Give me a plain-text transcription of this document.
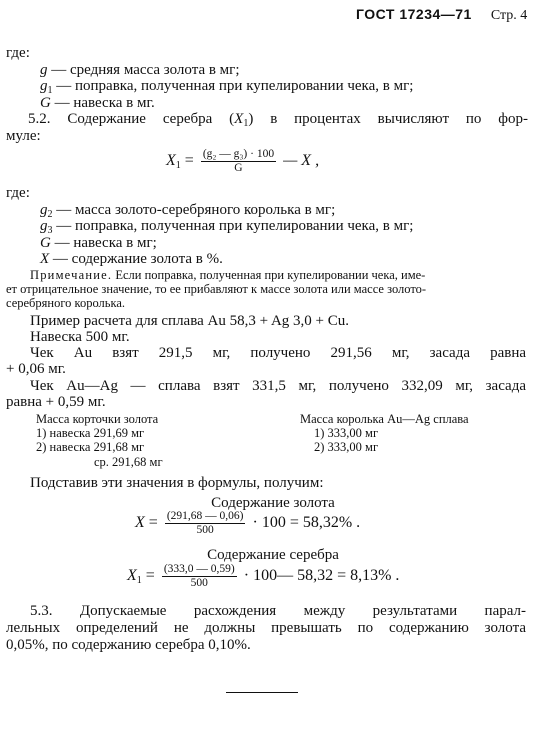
ГОСТ 17234—71 Стр. 4
где:
g — средняя масса золота в мг;
$g_1$ — поправка, полученная при купелировании чека, в мг;
G — навеска в мг.
5.2. Содержание серебра $(X_1)$ в процентах вычисляют по фор-
муле:
$X_1 = \frac{\text{(g₂ — g₃) · 100}}{G}$ — X ,
где:
$g_2$ — масса золото-серебряного королька в мг;
$g_3$ — поправка, полученная при купелировании чека, в мг;
G — навеска в мг;
X — содержание золота в %.
Примечание. Если поправка, полученная при купелировании чека, име-
ет отрицательное значение, то ее прибавляют к массе золота или массе золото-
серебряного королька.
Пример расчета для сплава Au 58,3 + Ag 3,0 + Cu.
Навеска 500 мг.
Чек Au взят 291,5 мг, получено 291,56 мг, засада равна
+ 0,06 мг.
Чек Au—Ag — сплава взят 331,5 мг, получено 332,09 мг, засада
равна + 0,59 мг.
Масса корточки золота
1) навеска 291,69 мг
2) навеска 291,68 мг
ср. 291,68 мг
Масса королька Au—Ag сплава
1) 333,00 мг
2) 333,00 мг
Подставив эти значения в формулы, получим:
Содержание золота
$X = \frac{(291,68 — 0,06)}{500} \cdot 100 = 58,32\%$ .
Содержание серебра
$X_1 = \frac{(333,0 — 0,59)}{500}$ · 100— 58,32 = 8,13% .
5.3. Допускаемые расхождения между результатами парал-
лельных определений не должны превышать по содержанию золота
0,05%, по содержанию серебра 0,10%.
